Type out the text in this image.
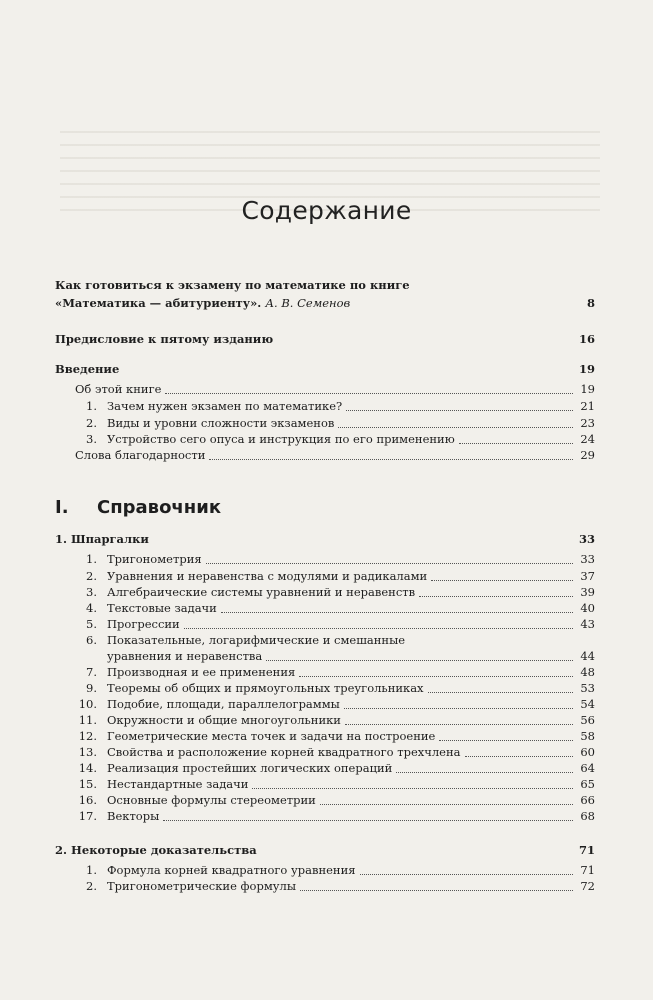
Содержание
Как готовиться к экзамену по математике по книге
«Математика — абитуриенту». А. В. Семенов	8
Предисловие к пятому изданию	16
Введение	19
Об этой книге	19
1. Зачем нужен экзамен по математике?	21
2. Виды и уровни сложности экзаменов	23
3. Устройство сего опуса и инструкция по его применению	24
Слова благодарности	29
I. Справочник
1. Шпаргалки	33
1. Тригонометрия	33
2. Уравнения и неравенства с модулями и радикалами	37
3. Алгебраические системы уравнений и неравенств	39
4. Текстовые задачи	40
5. Прогрессии	43
6. Показательные, логарифмические и смешанные
уравнения и неравенства	44
7. Производная и ее применения	48
9. Теоремы об общих и прямоугольных треугольниках	53
10. Подобие, площади, параллелограммы	54
11. Окружности и общие многоугольники	56
12. Геометрические места точек и задачи на построение	58
13. Свойства и расположение корней квадратного трехчлена	60
14. Реализация простейших логических операций	64
15. Нестандартные задачи	65
16. Основные формулы стереометрии	66
17. Векторы	68
2. Некоторые доказательства	71
1. Формула корней квадратного уравнения	71
2. Тригонометрические формулы	72
